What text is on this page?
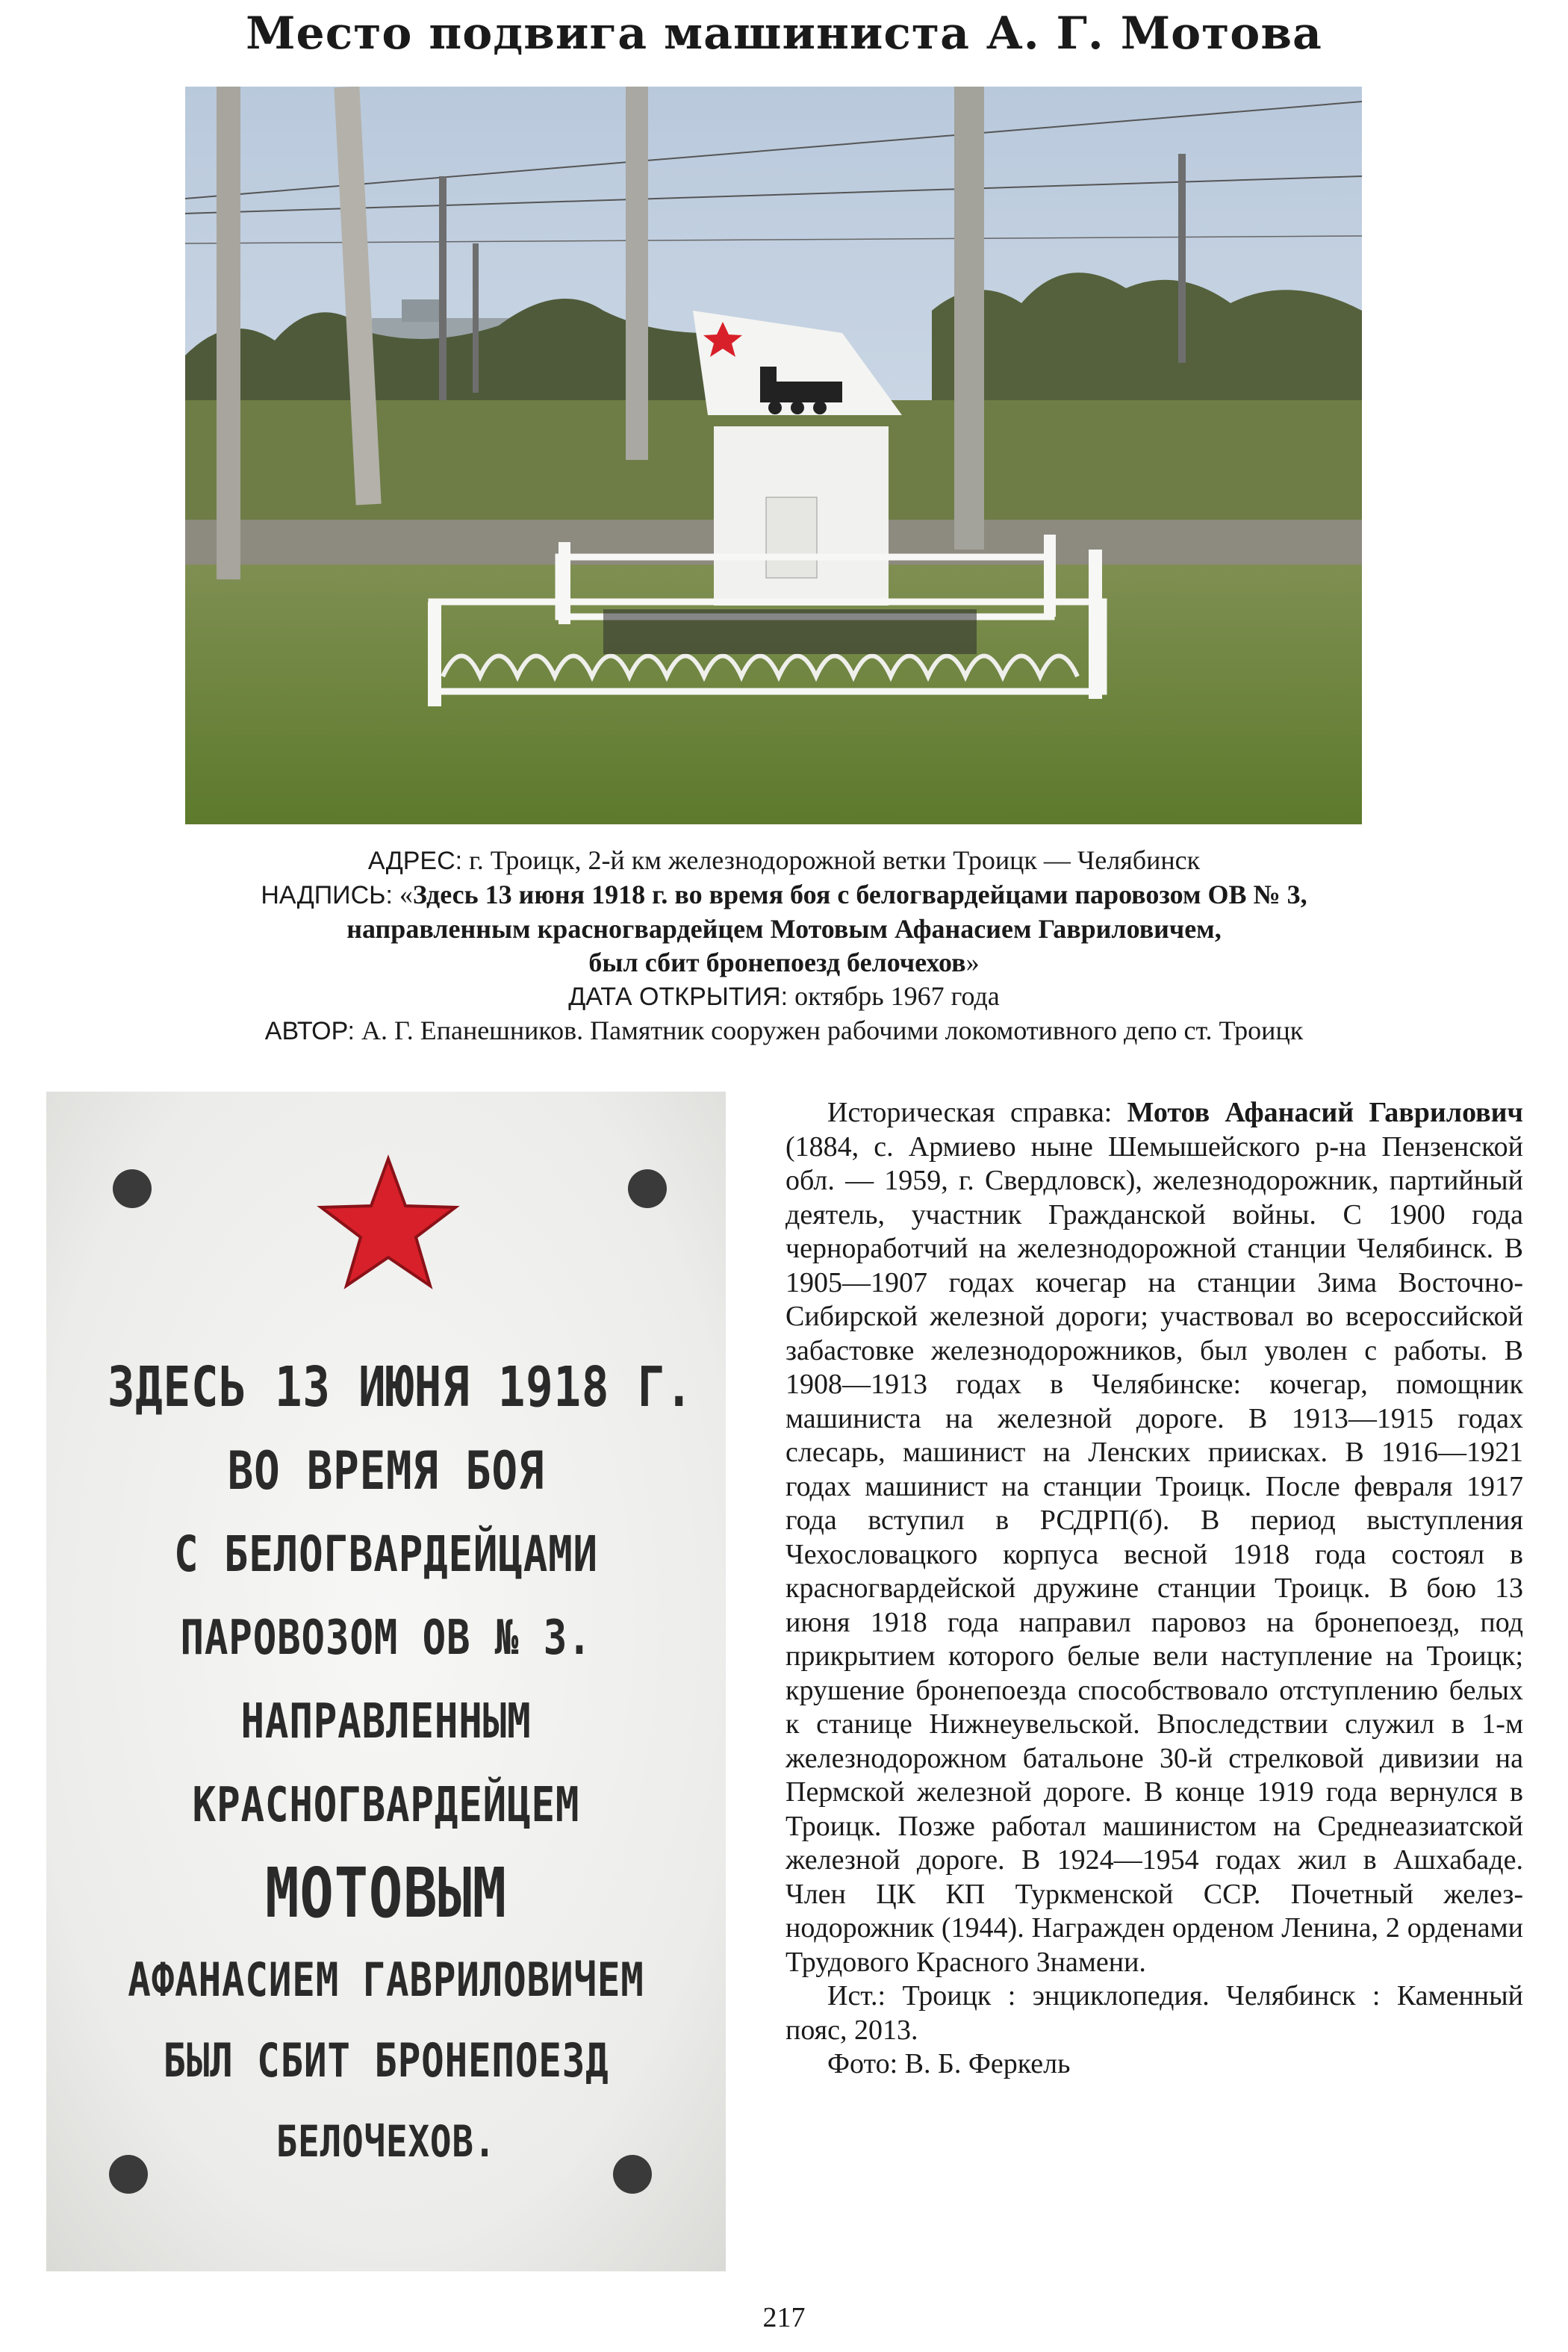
Место подвига машиниста А. Г. Мотова
АДРЕС: г. Троицк, 2-й км железнодорожной ветки Троицк — Челябинск
НАДПИСЬ: «Здесь 13 июня 1918 г. во время боя с белогвардейцами паровозом ОВ № 3,
направленным красногвардейцем Мотовым Афанасием Гавриловичем,
был сбит бронепоезд белочехов»
ДАТА ОТКРЫТИЯ: октябрь 1967 года
АВТОР: А. Г. Епанешников. Памятник сооружен рабочими локомотивного депо ст. Троицк
ЗДЕСЬ 13 ИЮНЯ 1918 Г.
ВО ВРЕМЯ БОЯ
С БЕЛОГВАРДЕЙЦАМИ
ПАРОВОЗОМ ОВ № 3.
НАПРАВЛЕННЫМ
КРАСНОГВАРДЕЙЦЕМ
МОТОВЫМ
АФАНАСИЕМ ГАВРИЛОВИЧЕМ
БЫЛ СБИТ БРОНЕПОЕЗД
БЕЛОЧЕХОВ.

Историческая справка: Мотов Афанасий Гаврилович (1884, с. Армиево ныне Шемышейского р-на Пензенской обл. — 1959, г. Свердловск), железнодорожник, партийный деятель, участник Гражданской войны. С 1900 года черноработчий на железнодорожной станции Челябинск. В 1905—1907 годах кочегар на станции Зима Восточно-Сибирской железной дороги; участвовал во всероссийской забастовке железнодорожников, был уволен с работы. В 1908—1913 годах в Челябинске: кочегар, помощник машиниста на железной дороге. В 1913—1915 годах слесарь, машинист на Ленских приисках. В 1916—1921 годах машинист на станции Троицк. После февраля 1917 года вступил в РСДРП(б). В период выступления Чехословацкого корпуса весной 1918 года состоял в красногвардейской дружине станции Троицк. В бою 13 июня 1918 года направил паровоз на бронепоезд, под прикрытием которого белые вели наступление на Троицк; крушение бронепоезда способствовало отступлению белых к станице Нижнеувельской. Впоследствии служил в 1-м железнодорожном батальоне 30-й стрелковой дивизии на Пермской железной дороге. В конце 1919 года вернулся в Троицк. Позже работал машинистом на Среднеазиатской железной дороге. В 1924—1954 годах жил в Ашхабаде. Член ЦК КП Туркменской ССР. Почетный железнодорожник (1944). Награжден орденом Ленина, 2 орденами Трудового Красного Знамени.

Ист.: Троицк : энциклопедия. Челябинск : Каменный пояс, 2013.

Фото: В. Б. Феркель

217
